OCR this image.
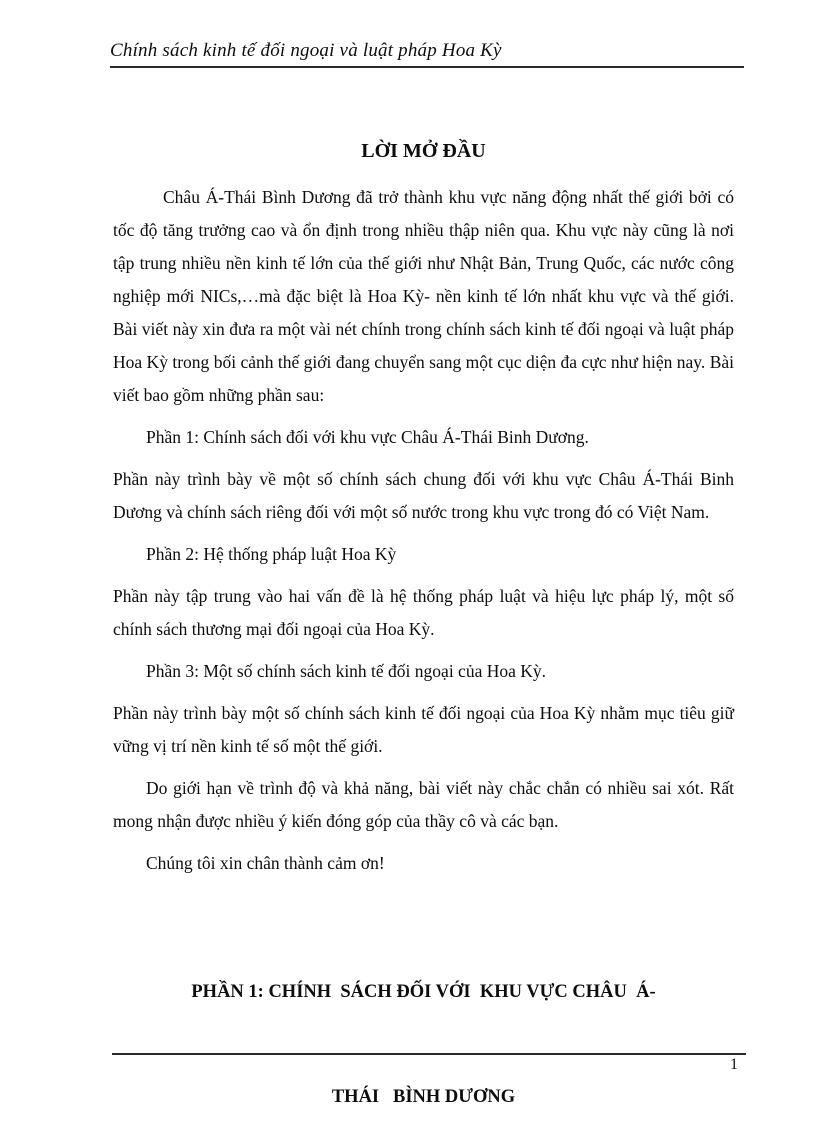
Chính sách kinh tế đối ngoại và luật pháp Hoa Kỳ
LỜI MỞ ĐẦU

Châu Á-Thái Bình Dương đã trở thành khu vực năng động nhất thế giới bởi có tốc độ tăng trưởng cao và ổn định trong nhiều thập niên qua. Khu vực này cũng là nơi tập trung nhiều nền kinh tế lớn của thế giới như Nhật Bản, Trung Quốc, các nước công nghiệp mới NICs,…mà đặc biệt là Hoa Kỳ- nền kinh tế lớn nhất khu vực và thế giới. Bài viết này xin đưa ra một vài nét chính trong chính sách kinh tế đối ngoại và luật pháp Hoa Kỳ trong bối cảnh thế giới đang chuyển sang một cục diện đa cực như hiện nay. Bài viết bao gồm những phần sau:

Phần 1: Chính sách đối với khu vực Châu Á-Thái Binh Dương.

Phần này trình bày về một số chính sách chung đối với khu vực Châu Á-Thái Binh Dương và chính sách riêng đối với một số nước trong khu vực trong đó có Việt Nam.

Phần 2: Hệ thống pháp luật Hoa Kỳ

Phần này tập trung vào hai vấn đề là hệ thống pháp luật và hiệu lực pháp lý, một số chính sách thương mại đối ngoại của Hoa Kỳ.

Phần 3: Một số chính sách kinh tế đối ngoại của Hoa Kỳ.

Phần này trình bày một số chính sách kinh tế đối ngoại của Hoa Kỳ nhằm mục tiêu giữ vững vị trí nền kinh tế số một thế giới.

Do giới hạn về trình độ và khả năng, bài viết này chắc chắn có nhiều sai xót. Rất mong nhận được nhiều ý kiến đóng góp của thầy cô và các bạn.

Chúng tôi xin chân thành cảm ơn!

PHẦN 1: CHÍNH  SÁCH ĐỐI VỚI  KHU VỰC CHÂU  Á-

THÁI   BÌNH DƯƠNG

1
